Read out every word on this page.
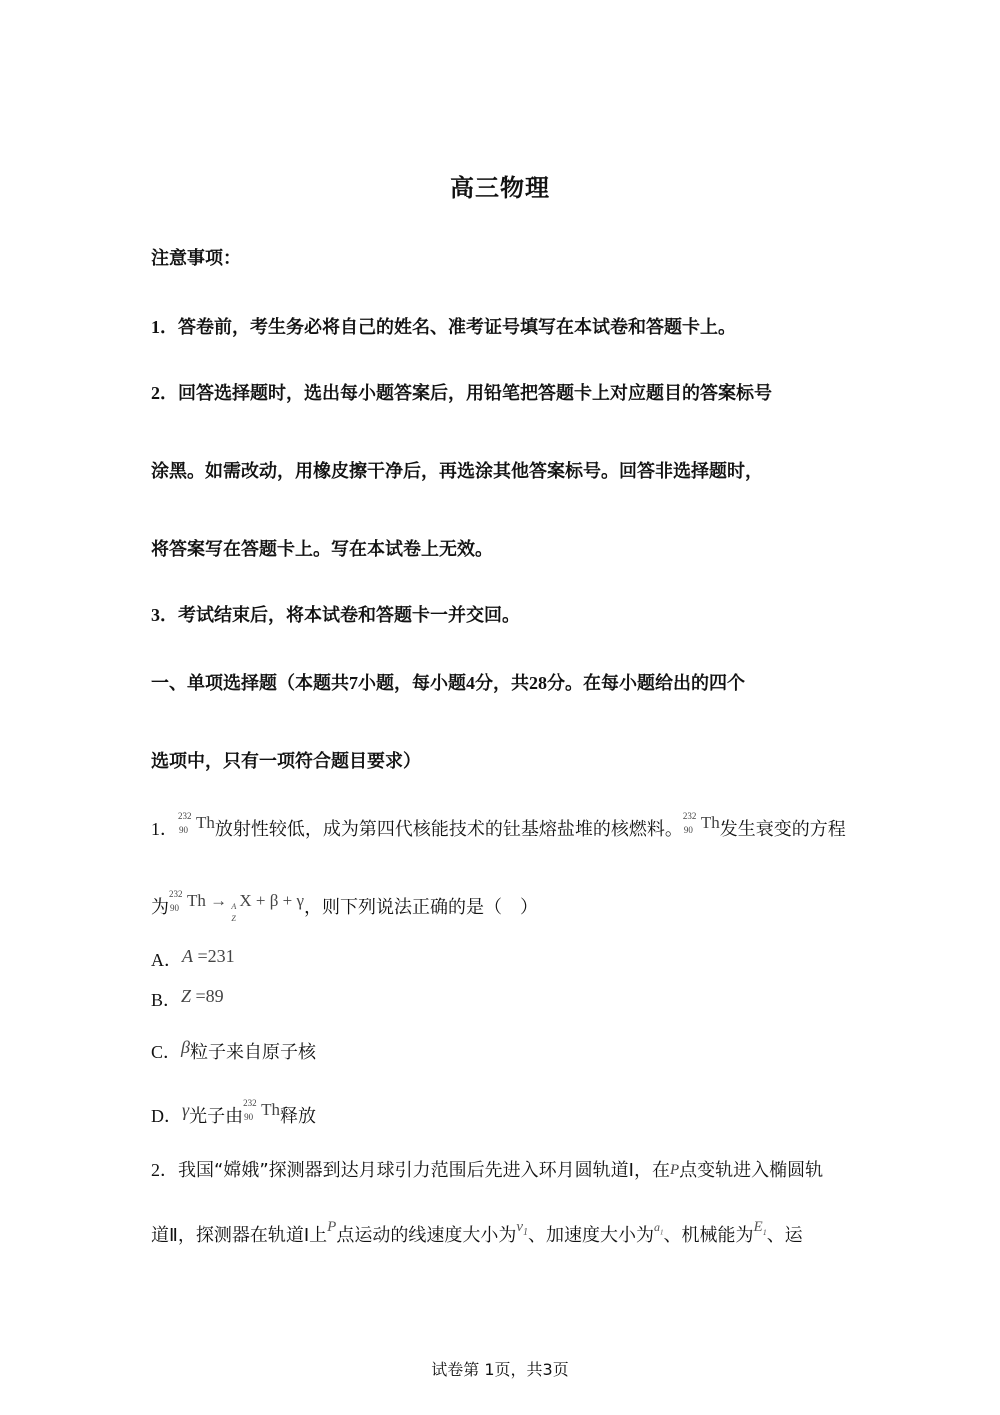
高三物理
注意事项：
1．答卷前，考生务必将自己的姓名、准考证号填写在本试卷和答题卡上。
2．回答选择题时，选出每小题答案后，用铅笔把答题卡上对应题目的答案标号
涂黑。如需改动，用橡皮擦干净后，再选涂其他答案标号。回答非选择题时，
将答案写在答题卡上。写在本试卷上无效。
3．考试结束后，将本试卷和答题卡一并交回。
一、单项选择题（本题共7小题，每小题4分，共28分。在每小题给出的四个
选项中，只有一项符合题目要求）
1．
232
90 Th放射性较低，成为第四代核能技术的钍基熔盐堆的核燃料。
232
90 Th发生衰变的方程
为
232
90 Th → A
Z
X + β + γ，则下列说法正确的是（　）
A．A =231
B．Z =89
C．β粒子来自原子核
D．γ光子由
232
90 Th释放
2．我国“嫦娥”探测器到达月球引力范围后先进入环月圆轨道Ⅰ，在P点变轨进入椭圆轨
道Ⅱ，探测器在轨道Ⅰ上$^P$点运动的线速度大小为$^{v_1}$、加速度大小为$^{a_1}$、机械能为$^{E_1}$、运
试卷第 1页，共3页
